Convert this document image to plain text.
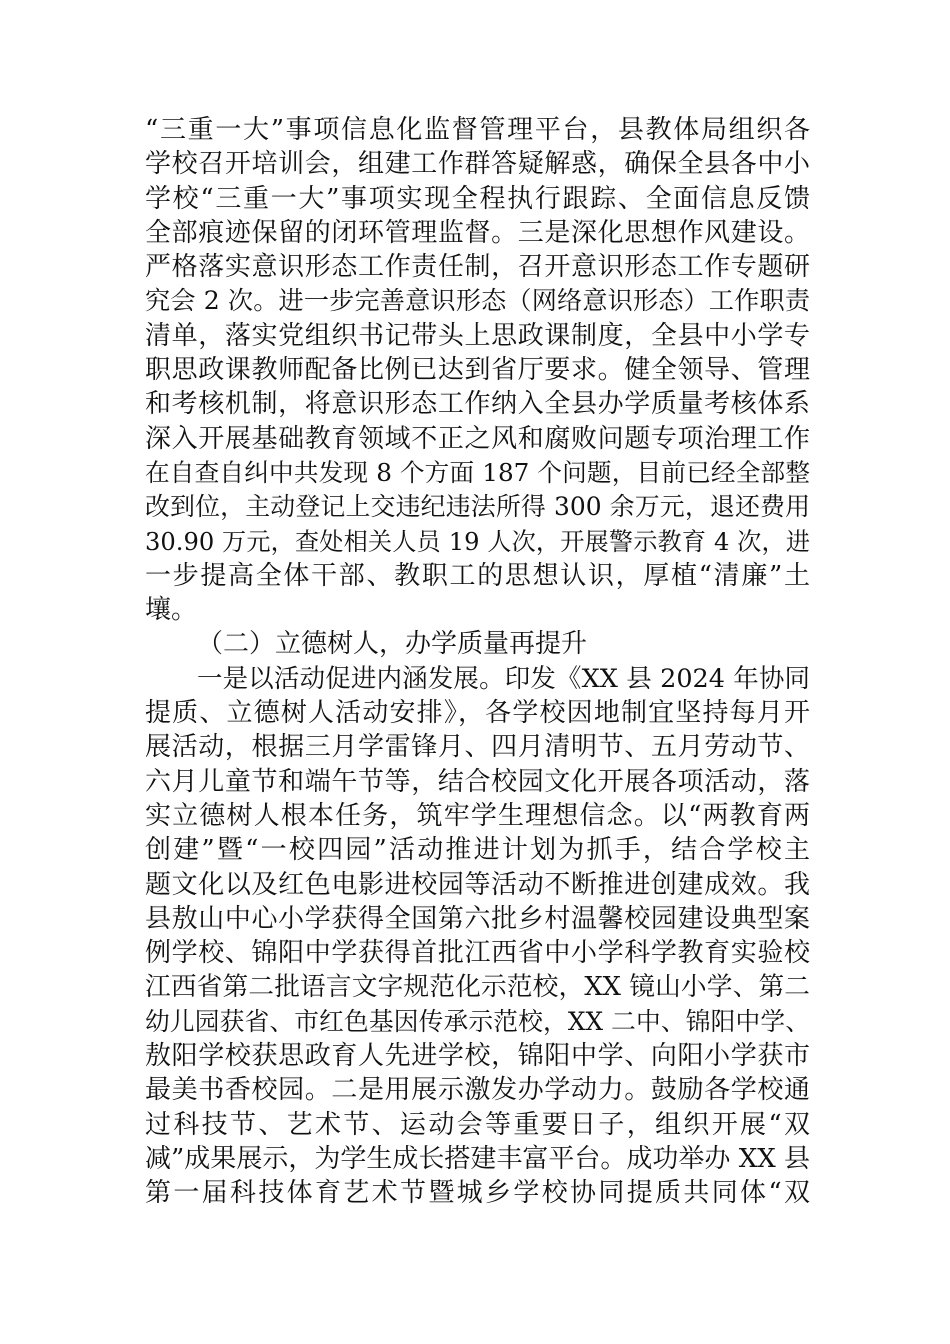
“三重一大”事项信息化监督管理平台，县教体局组织各
学校召开培训会，组建工作群答疑解惑，确保全县各中小
学校“三重一大”事项实现全程执行跟踪、全面信息反馈
全部痕迹保留的闭环管理监督。三是深化思想作风建设。
严格落实意识形态工作责任制，召开意识形态工作专题研
究会 2 次。进一步完善意识形态（网络意识形态）工作职责
清单，落实党组织书记带头上思政课制度，全县中小学专
职思政课教师配备比例已达到省厅要求。健全领导、管理
和考核机制，将意识形态工作纳入全县办学质量考核体系
深入开展基础教育领域不正之风和腐败问题专项治理工作
在自查自纠中共发现 8 个方面 187 个问题，目前已经全部整
改到位，主动登记上交违纪违法所得 300 余万元，退还费用
30.90 万元，查处相关人员 19 人次，开展警示教育 4 次，进
一步提高全体干部、教职工的思想认识，厚植“清廉”土
壤。
（二）立德树人，办学质量再提升
一是以活动促进内涵发展。印发《XX 县 2024 年协同
提质、立德树人活动安排》，各学校因地制宜坚持每月开
展活动，根据三月学雷锋月、四月清明节、五月劳动节、
六月儿童节和端午节等，结合校园文化开展各项活动，落
实立德树人根本任务，筑牢学生理想信念。以“两教育两
创建”暨“一校四园”活动推进计划为抓手，结合学校主
题文化以及红色电影进校园等活动不断推进创建成效。我
县敖山中心小学获得全国第六批乡村温馨校园建设典型案
例学校、锦阳中学获得首批江西省中小学科学教育实验校
江西省第二批语言文字规范化示范校，XX 镜山小学、第二
幼儿园获省、市红色基因传承示范校，XX 二中、锦阳中学、
敖阳学校获思政育人先进学校，锦阳中学、向阳小学获市
最美书香校园。二是用展示激发办学动力。鼓励各学校通
过科技节、艺术节、运动会等重要日子，组织开展“双
减”成果展示，为学生成长搭建丰富平台。成功举办 XX 县
第一届科技体育艺术节暨城乡学校协同提质共同体“双
